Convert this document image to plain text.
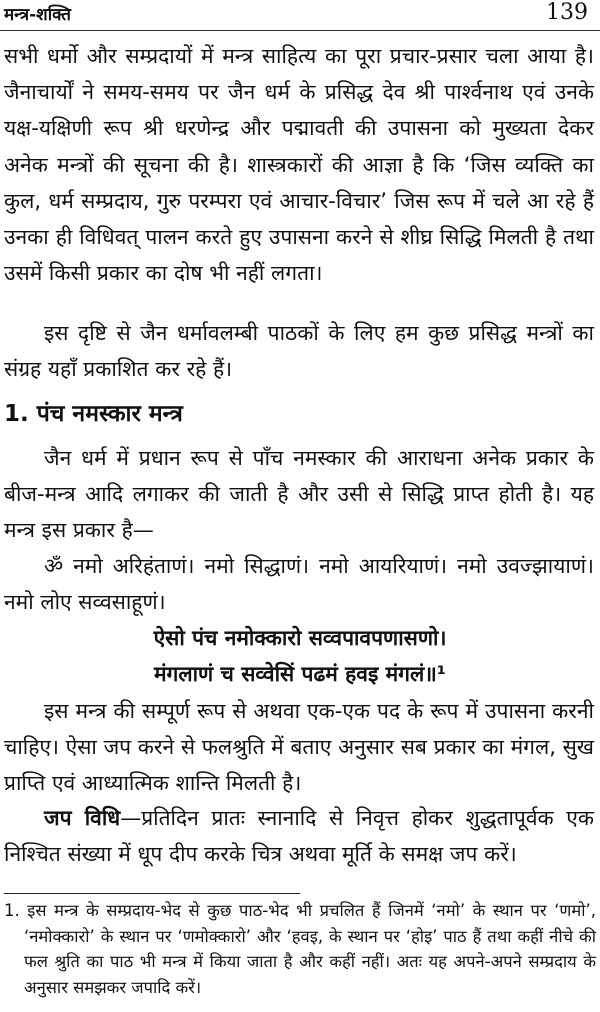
मन्त्र-शक्ति	139

सभी धर्मो और सम्प्रदायों में मन्त्र साहित्य का पूरा प्रचार-प्रसार चला आया है। जैनाचार्यों ने समय-समय पर जैन धर्म के प्रसिद्ध देव श्री पार्श्वनाथ एवं उनके यक्ष-यक्षिणी रूप श्री धरणेन्द्र और पद्मावती की उपासना को मुख्यता देकर अनेक मन्त्रों की सूचना की है। शास्त्रकारों की आज्ञा है कि ‘जिस व्यक्ति का कुल, धर्म सम्प्रदाय, गुरु परम्परा एवं आचार-विचार’ जिस रूप में चले आ रहे हैं उनका ही विधिवत् पालन करते हुए उपासना करने से शीघ्र सिद्धि मिलती है तथा उसमें किसी प्रकार का दोष भी नहीं लगता।

इस दृष्टि से जैन धर्मावलम्बी पाठकों के लिए हम कुछ प्रसिद्ध मन्त्रों का संग्रह यहाँ प्रकाशित कर रहे हैं।

1. पंच नमस्कार मन्त्र

जैन धर्म में प्रधान रूप से पाँच नमस्कार की आराधना अनेक प्रकार के बीज-मन्त्र आदि लगाकर की जाती है और उसी से सिद्धि प्राप्त होती है। यह मन्त्र इस प्रकार है—

ॐ नमो अरिहंताणं। नमो सिद्धाणं। नमो आयरियाणं। नमो उवज्झायाणं। नमो लोए सव्वसाहूणं।

ऐसो पंच नमोक्कारो सव्वपावपणासणो।

मंगलाणं च सव्वेसिं पढमं हवइ मंगलं॥¹

इस मन्त्र की सम्पूर्ण रूप से अथवा एक-एक पद के रूप में उपासना करनी चाहिए। ऐसा जप करने से फलश्रुति में बताए अनुसार सब प्रकार का मंगल, सुख प्राप्ति एवं आध्यात्मिक शान्ति मिलती है।

जप विधि—प्रतिदिन प्रातः स्नानादि से निवृत्त होकर शुद्धतापूर्वक एक निश्चित संख्या में धूप दीप करके चित्र अथवा मूर्ति के समक्ष जप करें।

1. इस मन्त्र के सम्प्रदाय-भेद से कुछ पाठ-भेद भी प्रचलित हैं जिनमें ‘नमो’ के स्थान पर ‘णमो’, ‘नमोक्कारो’ के स्थान पर ‘णमोक्कारो’ और ‘हवइ, के स्थान पर ‘होइ’ पाठ हैं तथा कहीं नीचे की फल श्रुति का पाठ भी मन्त्र में किया जाता है और कहीं नहीं। अतः यह अपने-अपने सम्प्रदाय के अनुसार समझकर जपादि करें।
